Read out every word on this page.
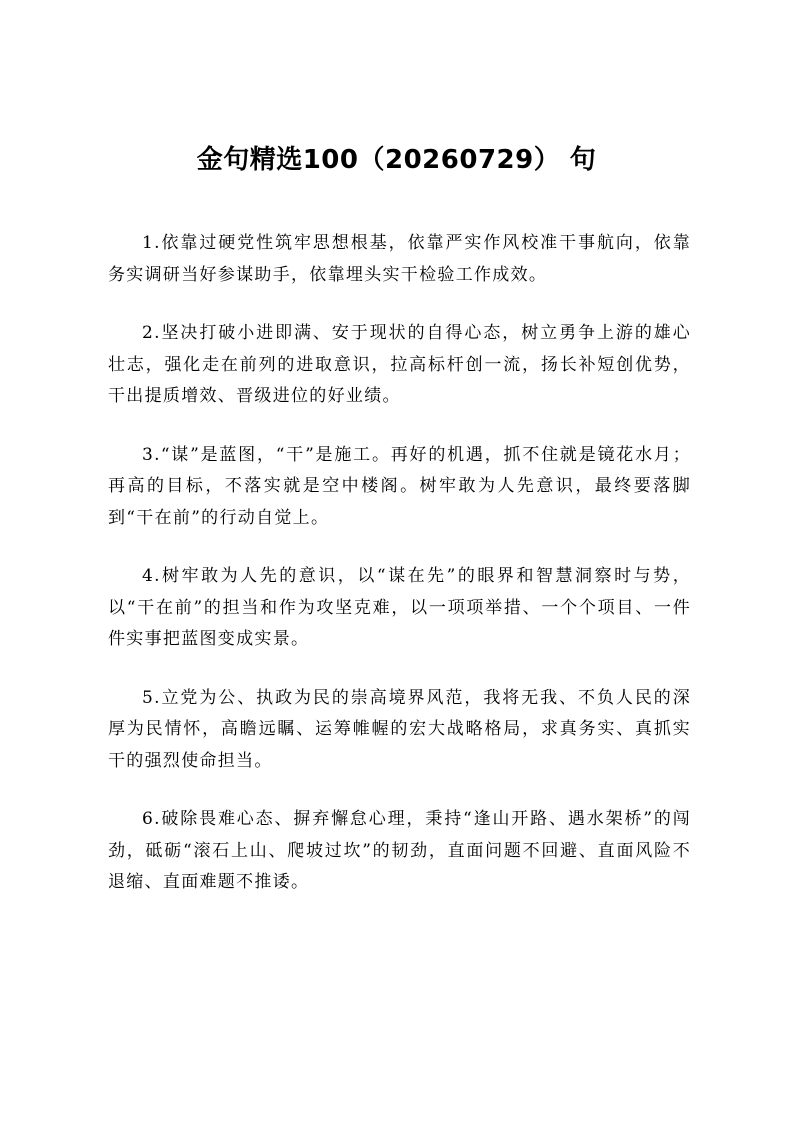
金句精选100（20260729） 句

1.依靠过硬党性筑牢思想根基，依靠严实作风校准干事航向，依靠务实调研当好参谋助手，依靠埋头实干检验工作成效。

2.坚决打破小进即满、安于现状的自得心态，树立勇争上游的雄心壮志，强化走在前列的进取意识，拉高标杆创一流，扬长补短创优势，干出提质增效、晋级进位的好业绩。

3.“谋”是蓝图，“干”是施工。再好的机遇，抓不住就是镜花水月；再高的目标，不落实就是空中楼阁。树牢敢为人先意识，最终要落脚到“干在前”的行动自觉上。

4.树牢敢为人先的意识，以“谋在先”的眼界和智慧洞察时与势，以“干在前”的担当和作为攻坚克难，以一项项举措、一个个项目、一件件实事把蓝图变成实景。

5.立党为公、执政为民的崇高境界风范，我将无我、不负人民的深厚为民情怀，高瞻远瞩、运筹帷幄的宏大战略格局，求真务实、真抓实干的强烈使命担当。

6.破除畏难心态、摒弃懈怠心理，秉持“逢山开路、遇水架桥”的闯劲，砥砺“滚石上山、爬坡过坎”的韧劲，直面问题不回避、直面风险不退缩、直面难题不推诿。
